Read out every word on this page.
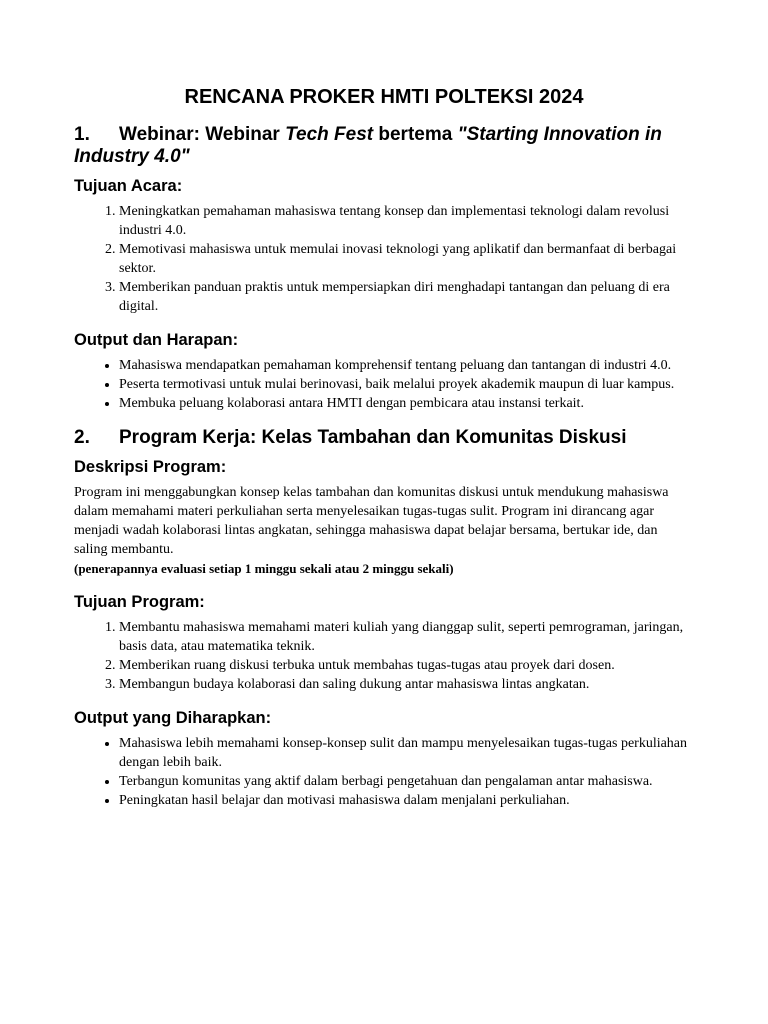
RENCANA PROKER HMTI POLTEKSI 2024
1. Webinar: Webinar Tech Fest bertema "Starting Innovation in Industry 4.0"
Tujuan Acara:
1. Meningkatkan pemahaman mahasiswa tentang konsep dan implementasi teknologi dalam revolusi industri 4.0.
2. Memotivasi mahasiswa untuk memulai inovasi teknologi yang aplikatif dan bermanfaat di berbagai sektor.
3. Memberikan panduan praktis untuk mempersiapkan diri menghadapi tantangan dan peluang di era digital.
Output dan Harapan:
• Mahasiswa mendapatkan pemahaman komprehensif tentang peluang dan tantangan di industri 4.0.
• Peserta termotivasi untuk mulai berinovasi, baik melalui proyek akademik maupun di luar kampus.
• Membuka peluang kolaborasi antara HMTI dengan pembicara atau instansi terkait.
2. Program Kerja: Kelas Tambahan dan Komunitas Diskusi
Deskripsi Program:

Program ini menggabungkan konsep kelas tambahan dan komunitas diskusi untuk mendukung mahasiswa dalam memahami materi perkuliahan serta menyelesaikan tugas-tugas sulit. Program ini dirancang agar menjadi wadah kolaborasi lintas angkatan, sehingga mahasiswa dapat belajar bersama, bertukar ide, dan saling membantu.

(penerapannya evaluasi setiap 1 minggu sekali atau 2 minggu sekali)

Tujuan Program:
1. Membantu mahasiswa memahami materi kuliah yang dianggap sulit, seperti pemrograman, jaringan, basis data, atau matematika teknik.
2. Memberikan ruang diskusi terbuka untuk membahas tugas-tugas atau proyek dari dosen.
3. Membangun budaya kolaborasi dan saling dukung antar mahasiswa lintas angkatan.
Output yang Diharapkan:
• Mahasiswa lebih memahami konsep-konsep sulit dan mampu menyelesaikan tugas-tugas perkuliahan dengan lebih baik.
• Terbangun komunitas yang aktif dalam berbagi pengetahuan dan pengalaman antar mahasiswa.
• Peningkatan hasil belajar dan motivasi mahasiswa dalam menjalani perkuliahan.
